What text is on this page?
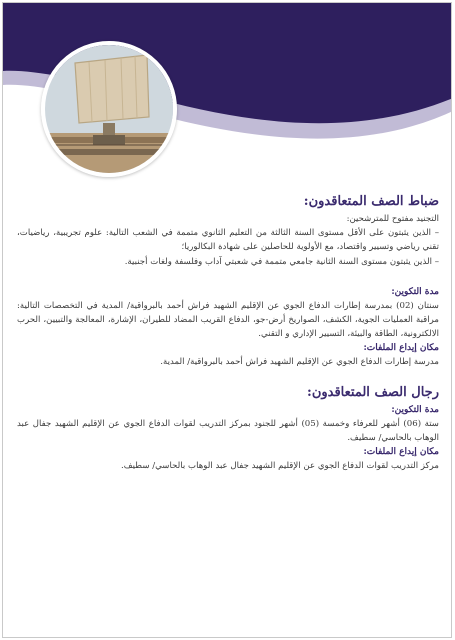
ضباط الصف المتعاقدون:

التجنيد مفتوح للمترشحين:

– الذين يثبتون على الأقل مستوى السنة الثالثة من التعليم الثانوي متممة في الشعب التالية: علوم تجريبية، رياضيات، تقني رياضي وتسيير واقتصاد، مع الأولوية للحاصلين على شهادة البكالوريا؛

– الذين يثبتون مستوى السنة الثانية جامعي متممة في شعبتي آداب وفلسفة ولغات أجنبية.

مدة التكوين:

سنتان (02) بمدرسة إطارات الدفاع الجوي عن الإقليم الشهيد فراش أحمد بالبرواقية/ المدية في التخصصات التالية: مراقبة العمليات الجوية، الكشف، الصواريخ أرض-جو، الدفاع القريب المضاد للطيران، الإشارة، المعالجة والتبيين، الحرب الالكترونية، الطاقة والبيئة، التسيير الإداري و التقني.

مكان إيداع الملفات:

مدرسة إطارات الدفاع الجوي عن الإقليم الشهيد فراش أحمد بالبرواقية/ المدية.

رجال الصف المتعاقدون:

مدة التكوين:

ستة (06) أشهر للعرفاء وخمسة (05) أشهر للجنود بمركز التدريب لقوات الدفاع الجوي عن الإقليم الشهيد جفال عبد الوهاب بالحاسي/ سطيف.

مكان إيداع الملفات:

مركز التدريب لقوات الدفاع الجوي عن الإقليم الشهيد جفال عبد الوهاب بالحاسي/ سطيف.
